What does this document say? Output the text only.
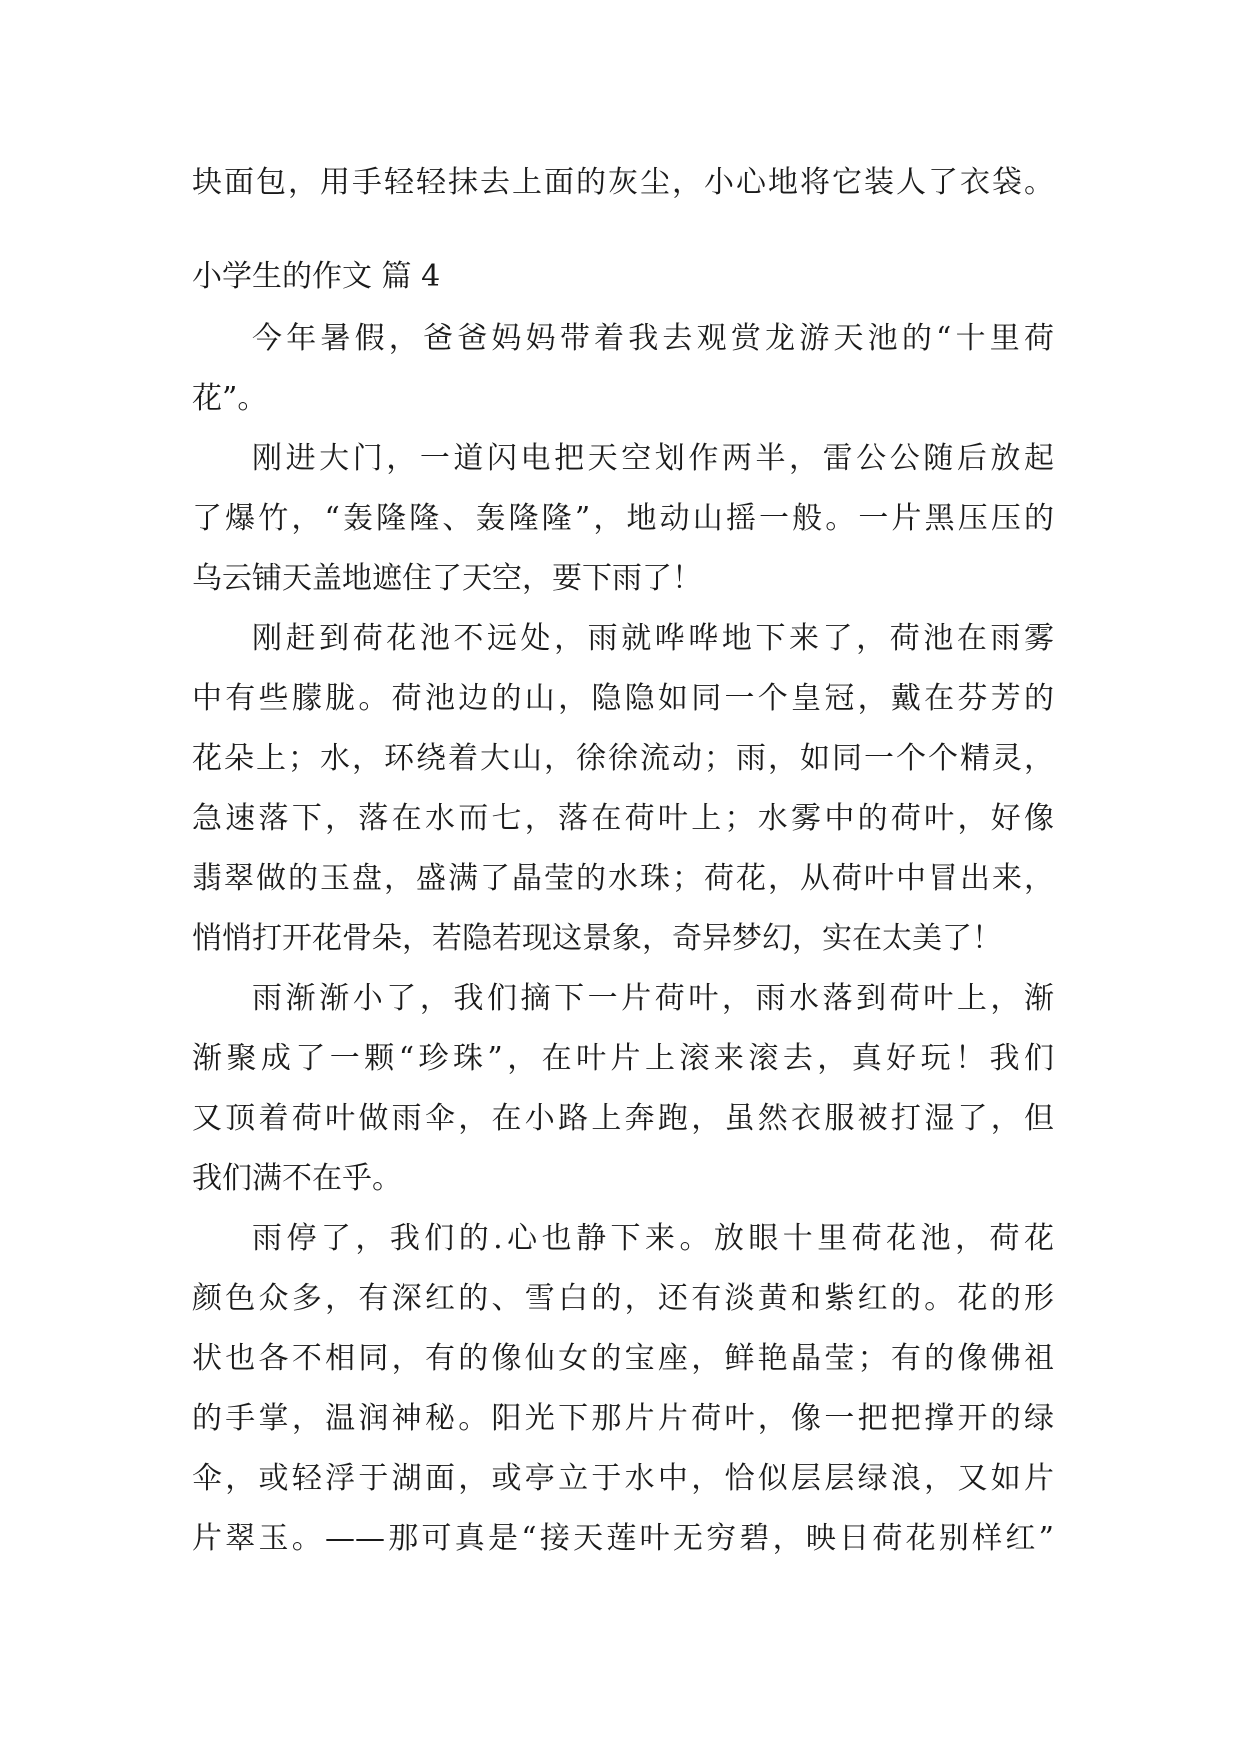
块面包，用手轻轻抹去上面的灰尘，小心地将它装人了衣袋。
小学生的作文 篇 4
今年暑假，爸爸妈妈带着我去观赏龙游天池的“十里荷
花”。
刚进大门，一道闪电把天空划作两半，雷公公随后放起
了爆竹，“轰隆隆、轰隆隆”，地动山摇一般。一片黑压压的
乌云铺天盖地遮住了天空，要下雨了！
刚赶到荷花池不远处，雨就哗哗地下来了，荷池在雨雾
中有些朦胧。荷池边的山，隐隐如同一个皇冠，戴在芬芳的
花朵上；水，环绕着大山，徐徐流动；雨，如同一个个精灵，
急速落下，落在水而七，落在荷叶上；水雾中的荷叶，好像
翡翠做的玉盘，盛满了晶莹的水珠；荷花，从荷叶中冒出来，
悄悄打开花骨朵，若隐若现这景象，奇异梦幻，实在太美了！
雨渐渐小了，我们摘下一片荷叶，雨水落到荷叶上，渐
渐聚成了一颗“珍珠”，在叶片上滚来滚去，真好玩！我们
又顶着荷叶做雨伞，在小路上奔跑，虽然衣服被打湿了，但
我们满不在乎。
雨停了，我们的.心也静下来。放眼十里荷花池，荷花
颜色众多，有深红的、雪白的，还有淡黄和紫红的。花的形
状也各不相同，有的像仙女的宝座，鲜艳晶莹；有的像佛祖
的手掌，温润神秘。阳光下那片片荷叶，像一把把撑开的绿
伞，或轻浮于湖面，或亭立于水中，恰似层层绿浪，又如片
片翠玉。——那可真是“接天莲叶无穷碧，映日荷花别样红”
